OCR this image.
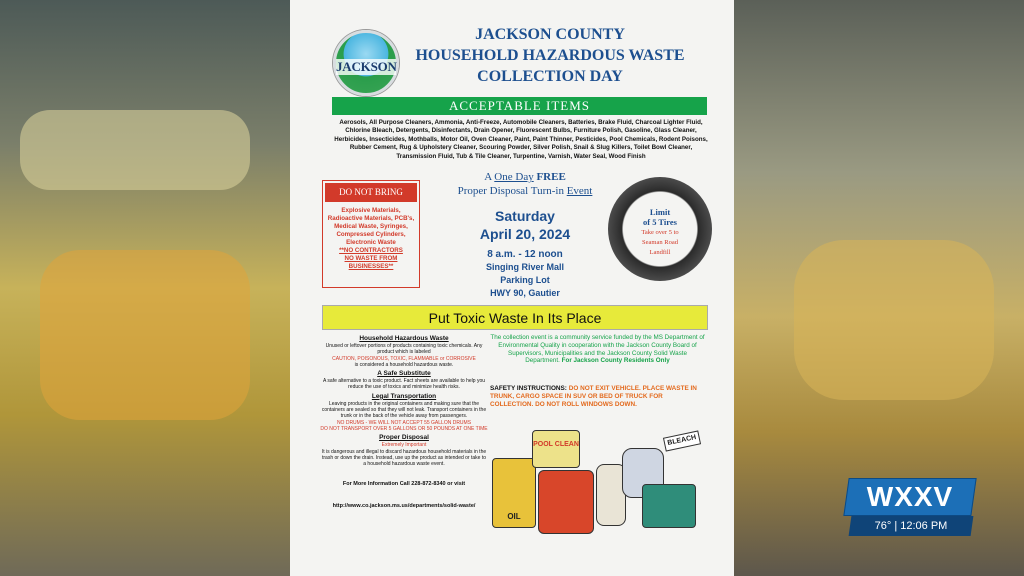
JACKSON
JACKSON COUNTY
HOUSEHOLD HAZARDOUS WASTE
COLLECTION DAY
ACCEPTABLE ITEMS
Aerosols, All Purpose Cleaners, Ammonia, Anti-Freeze, Automobile Cleaners, Batteries, Brake Fluid, Charcoal Lighter Fluid, Chlorine Bleach, Detergents, Disinfectants, Drain Opener, Fluorescent Bulbs, Furniture Polish, Gasoline, Glass Cleaner, Herbicides, Insecticides, Mothballs, Motor Oil, Oven Cleaner, Paint, Paint Thinner, Pesticides, Pool Chemicals, Rodent Poisons, Rubber Cement, Rug & Upholstery Cleaner, Scouring Powder, Silver Polish, Snail & Slug Killers, Toilet Bowl Cleaner, Transmission Fluid, Tub & Tile Cleaner, Turpentine, Varnish, Water Seal, Wood Finish
DO NOT BRING
Explosive Materials, Radioactive Materials, PCB's, Medical Waste, Syringes, Compressed Cylinders, Electronic Waste
**NO CONTRACTORS
NO WASTE FROM BUSINESSES**
A One Day FREE
Proper Disposal Turn-in Event
Saturday
April 20, 2024
8 a.m. - 12 noon
Singing River Mall
Parking Lot
HWY 90, Gautier
Limit
of 5 Tires
Take over 5 to
Seaman Road
Landfill
Put Toxic Waste In Its Place
Household Hazardous Waste
Unused or leftover portions of products containing toxic chemicals. Any product which is labeled
CAUTION, POISONOUS, TOXIC, FLAMMABLE or CORROSIVE
is considered a household hazardous waste.
A Safe Substitute
A safe alternative to a toxic product. Fact sheets are available to help you reduce the use of toxics and minimize health risks.
Legal Transportation
Leaving products in the original containers and making sure that the containers are sealed so that they will not leak. Transport containers in the trunk or in the back of the vehicle away from passengers.
NO DRUMS - WE WILL NOT ACCEPT 55 GALLON DRUMS
DO NOT TRANSPORT OVER 5 GALLONS OR 50 POUNDS AT ONE TIME
Proper Disposal
Extremely Important
It is dangerous and illegal to discard hazardous household materials in the trash or down the drain. Instead, use up the product as intended or take to a household hazardous waste event.
For More Information Call 228-872-8340 or visit
http://www.co.jackson.ms.us/departments/solid-waste/
The collection event is a community service funded by the MS Department of Environmental Quality in cooperation with the Jackson County Board of Supervisors, Municipalities and the Jackson County Solid Waste Department. For Jackson County Residents Only
SAFETY INSTRUCTIONS: DO NOT EXIT VEHICLE. PLACE WASTE IN TRUNK, CARGO SPACE IN SUV OR BED OF TRUCK FOR COLLECTION. DO NOT ROLL WINDOWS DOWN.
OIL
POOL CLEAN	BLEACH
WXXV
76° | 12:06 PM
